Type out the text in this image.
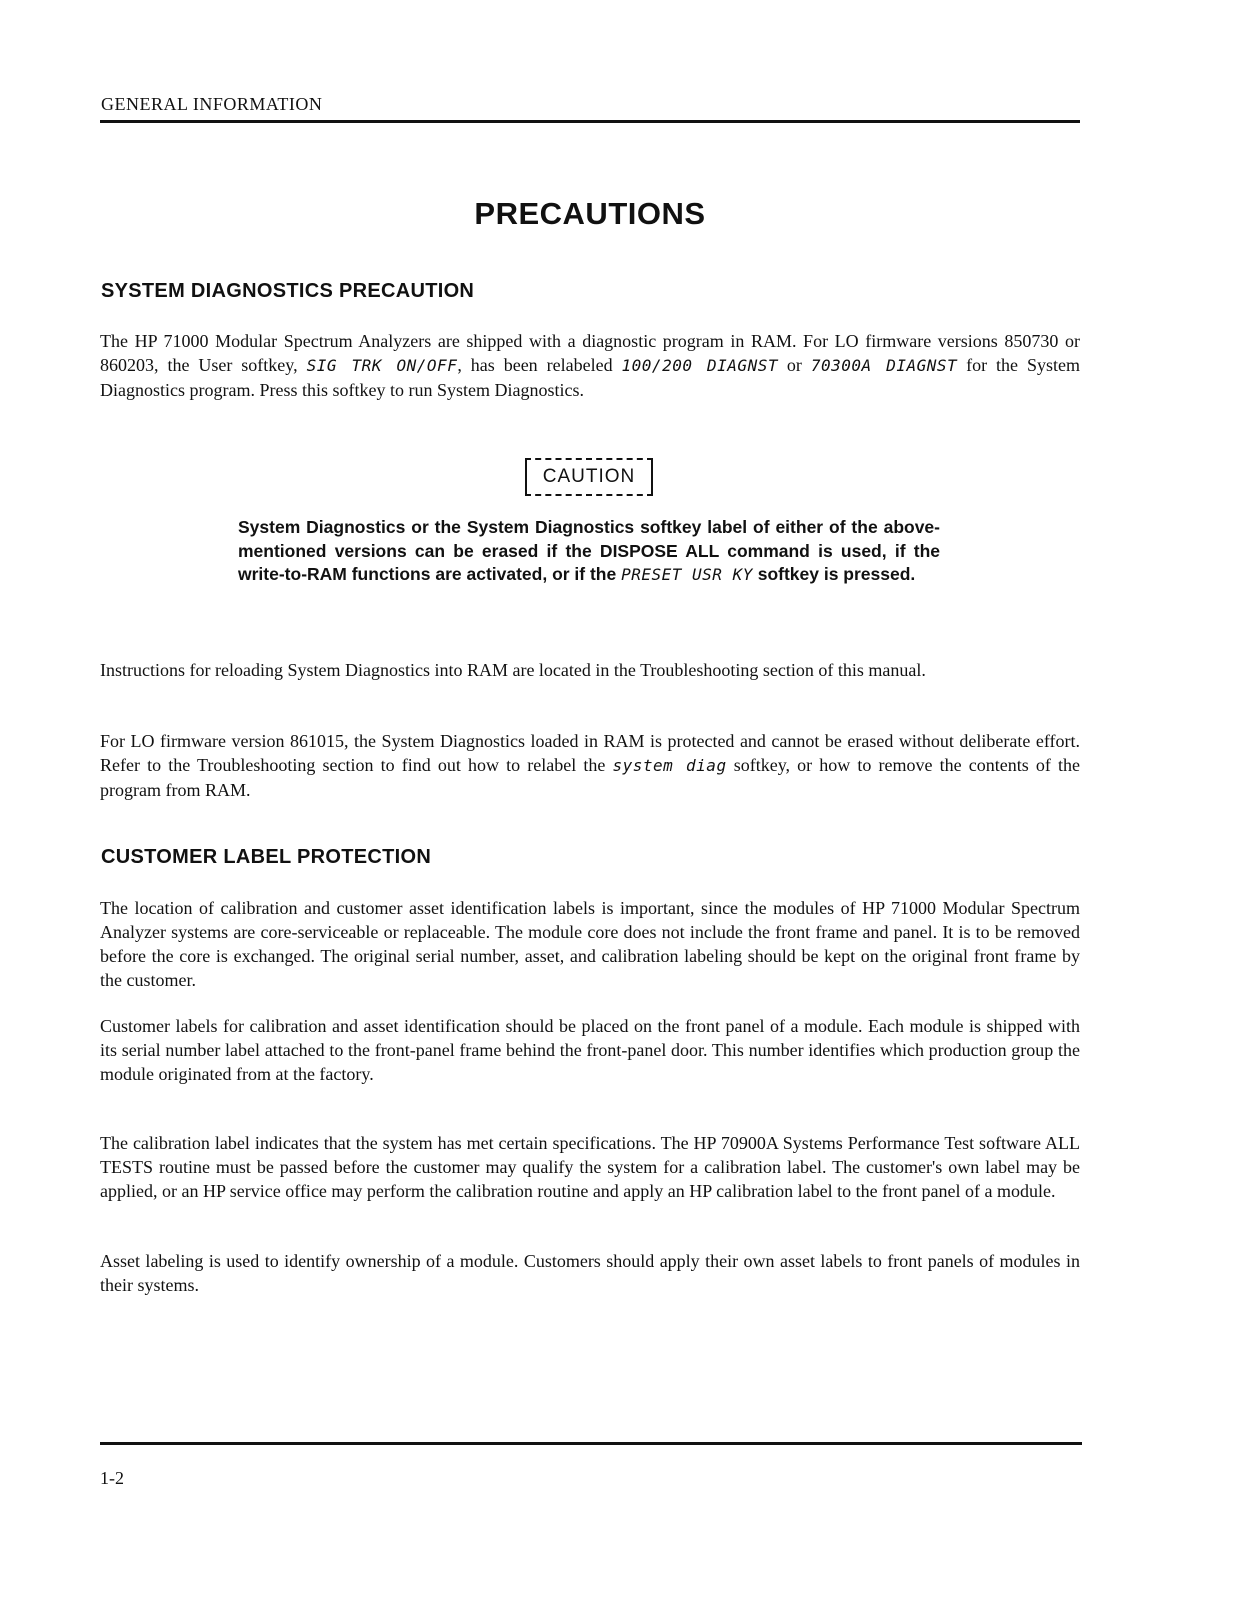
GENERAL INFORMATION
PRECAUTIONS
SYSTEM DIAGNOSTICS PRECAUTION

The HP 71000 Modular Spectrum Analyzers are shipped with a diagnostic program in RAM. For LO firmware versions 850730 or 860203, the User softkey, SIG TRK ON/OFF, has been relabeled 100/200 DIAGNST or 70300A DIAGNST for the System Diagnostics program. Press this softkey to run System Diagnostics.

CAUTION

System Diagnostics or the System Diagnostics softkey label of either of the above-mentioned versions can be erased if the DISPOSE ALL command is used, if the write-to-RAM functions are activated, or if the PRESET USR KY softkey is pressed.

Instructions for reloading System Diagnostics into RAM are located in the Troubleshooting section of this manual.

For LO firmware version 861015, the System Diagnostics loaded in RAM is protected and cannot be erased without deliberate effort. Refer to the Troubleshooting section to find out how to relabel the system diag softkey, or how to remove the contents of the program from RAM.

CUSTOMER LABEL PROTECTION

The location of calibration and customer asset identification labels is important, since the modules of HP 71000 Modular Spectrum Analyzer systems are core-serviceable or replaceable. The module core does not include the front frame and panel. It is to be removed before the core is exchanged. The original serial number, asset, and calibration labeling should be kept on the original front frame by the customer.

Customer labels for calibration and asset identification should be placed on the front panel of a module. Each module is shipped with its serial number label attached to the front-panel frame behind the front-panel door. This number identifies which production group the module originated from at the factory.

The calibration label indicates that the system has met certain specifications. The HP 70900A Systems Performance Test software ALL TESTS routine must be passed before the customer may qualify the system for a calibration label. The customer's own label may be applied, or an HP service office may perform the calibration routine and apply an HP calibration label to the front panel of a module.

Asset labeling is used to identify ownership of a module. Customers should apply their own asset labels to front panels of modules in their systems.

1-2
